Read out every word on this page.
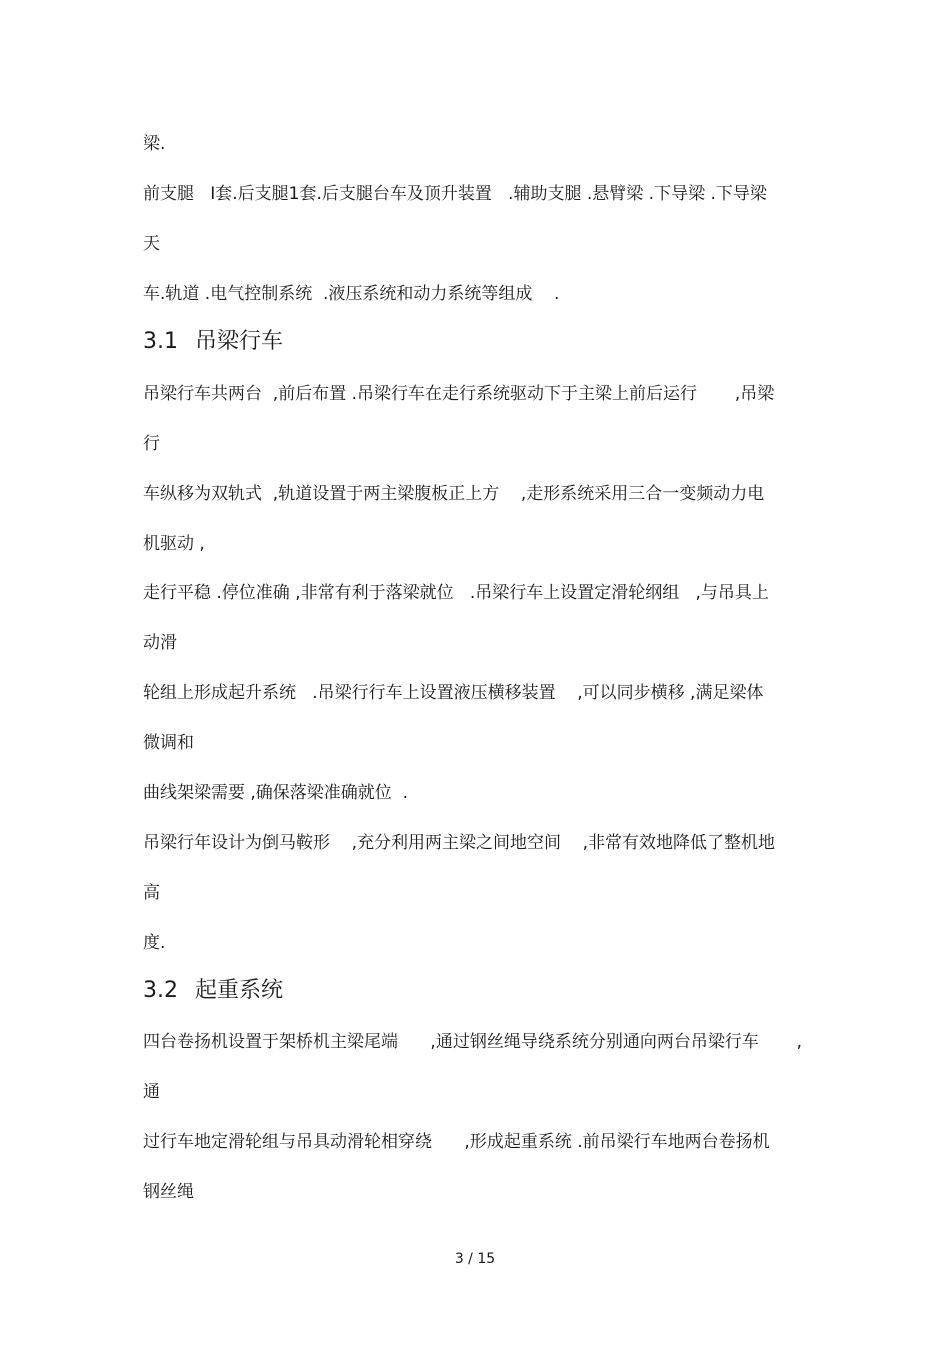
梁.

前支腿   I套.后支腿1套.后支腿台车及顶升装置   .辅助支腿 .悬臂梁 .下导梁 .下导梁

天

车.轨道 .电气控制系统  .液压系统和动力系统等组成    .

3.1 吊梁行车

吊梁行车共两台  ,前后布置 .吊梁行车在走行系统驱动下于主梁上前后运行       ,吊梁

行

车纵移为双轨式  ,轨道设置于两主梁腹板正上方    ,走形系统采用三合一变频动力电

机驱动 ,

走行平稳 .停位准确 ,非常有利于落梁就位   .吊梁行车上设置定滑轮纲组   ,与吊具上

动滑

轮组上形成起升系统   .吊梁行行车上设置液压横移装置    ,可以同步横移 ,满足梁体

微调和

曲线架梁需要 ,确保落梁准确就位  .

吊梁行年设计为倒马鞍形    ,充分利用两主梁之间地空间    ,非常有效地降低了整机地

高

度.

3.2 起重系统

四台卷扬机设置于架桥机主梁尾端      ,通过钢丝绳导绕系统分别通向两台吊梁行车       ,

通

过行车地定滑轮组与吊具动滑轮相穿绕      ,形成起重系统 .前吊梁行车地两台卷扬机

钢丝绳

3 / 15
